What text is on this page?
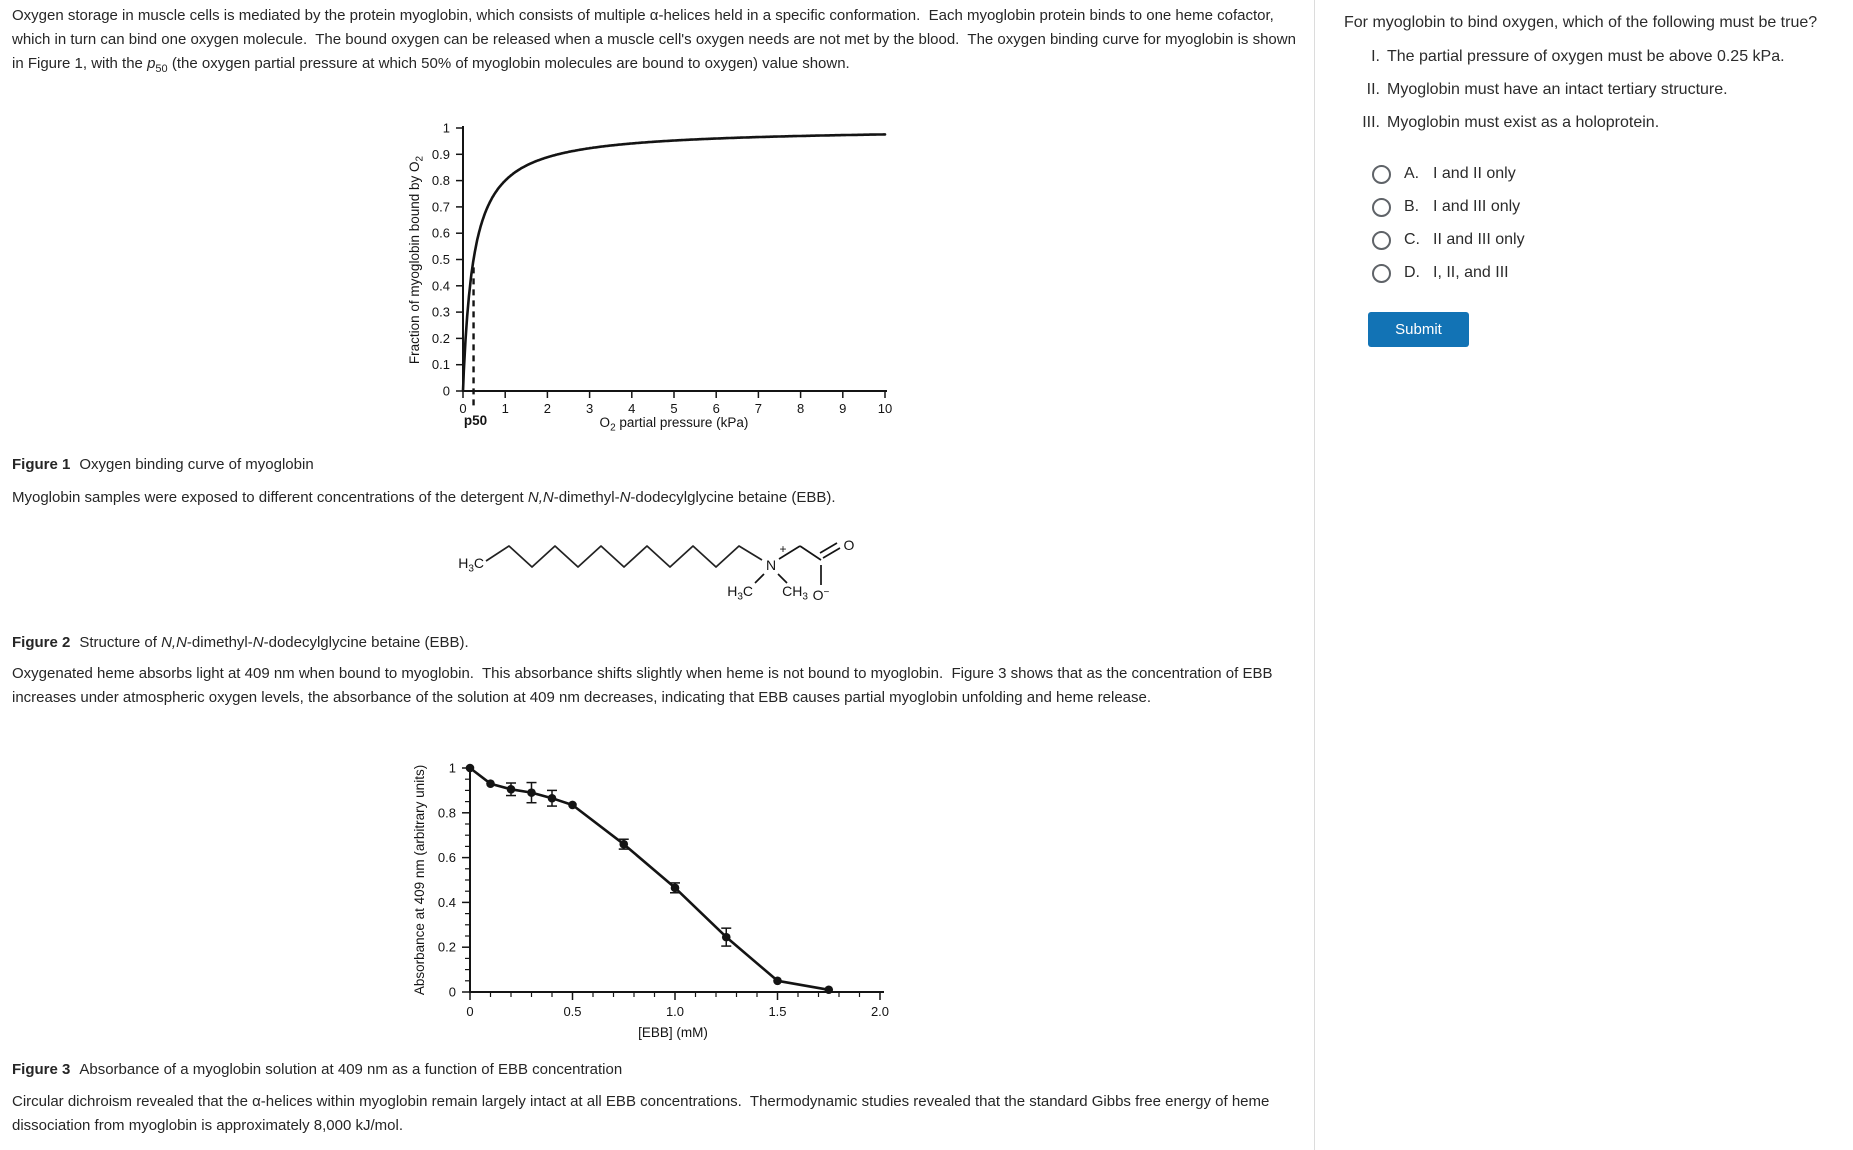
Oxygen storage in muscle cells is mediated by the protein myoglobin, which consists of multiple α-helices held in a specific conformation.  Each myoglobin protein binds to one heme cofactor, which in turn can bind one oxygen molecule.  The bound oxygen can be released when a muscle cell's oxygen needs are not met by the blood.  The oxygen binding curve for myoglobin is shown in Figure 1, with the $p_{50}$ (the oxygen partial pressure at which 50% of myoglobin molecules are bound to oxygen) value shown.

0
0.1
0.2
0.3
0.4
0.5
0.6
0.7
0.8
0.9
1
0	1	2	3	4	5	6	7	8	9 10
p50	$O_2$ partial pressure (kPa)
Fraction of myoglobin bound by $O_2$

Figure 1 Oxygen binding curve of myoglobin

Myoglobin samples were exposed to different concentrations of the detergent N,N-dimethyl-N-dodecylglycine betaine (EBB).

$H_3C$	N
+
$H_3C$ $CH_3$
O
O−

Figure 2 Structure of N,N-dimethyl-N-dodecylglycine betaine (EBB).

Oxygenated heme absorbs light at 409 nm when bound to myoglobin.  This absorbance shifts slightly when heme is not bound to myoglobin.  Figure 3 shows that as the concentration of EBB increases under atmospheric oxygen levels, the absorbance of the solution at 409 nm decreases, indicating that EBB causes partial myoglobin unfolding and heme release.

0
0.2
0.4
0.6
0.8
1
0	0.5	1.0	1.5	2.0
[EBB] (mM)
Absorbance at 409 nm (arbitrary units)

Figure 3 Absorbance of a myoglobin solution at 409 nm as a function of EBB concentration

Circular dichroism revealed that the α-helices within myoglobin remain largely intact at all EBB concentrations.  Thermodynamic studies revealed that the standard Gibbs free energy of heme dissociation from myoglobin is approximately 8,000 kJ/mol.

For myoglobin to bind oxygen, which of the following must be true?

I. The partial pressure of oxygen must be above 0.25 kPa.
II. Myoglobin must have an intact tertiary structure.
III. Myoglobin must exist as a holoprotein.
A. I and II only
B. I and III only
C. II and III only
D. I, II, and III
Submit
